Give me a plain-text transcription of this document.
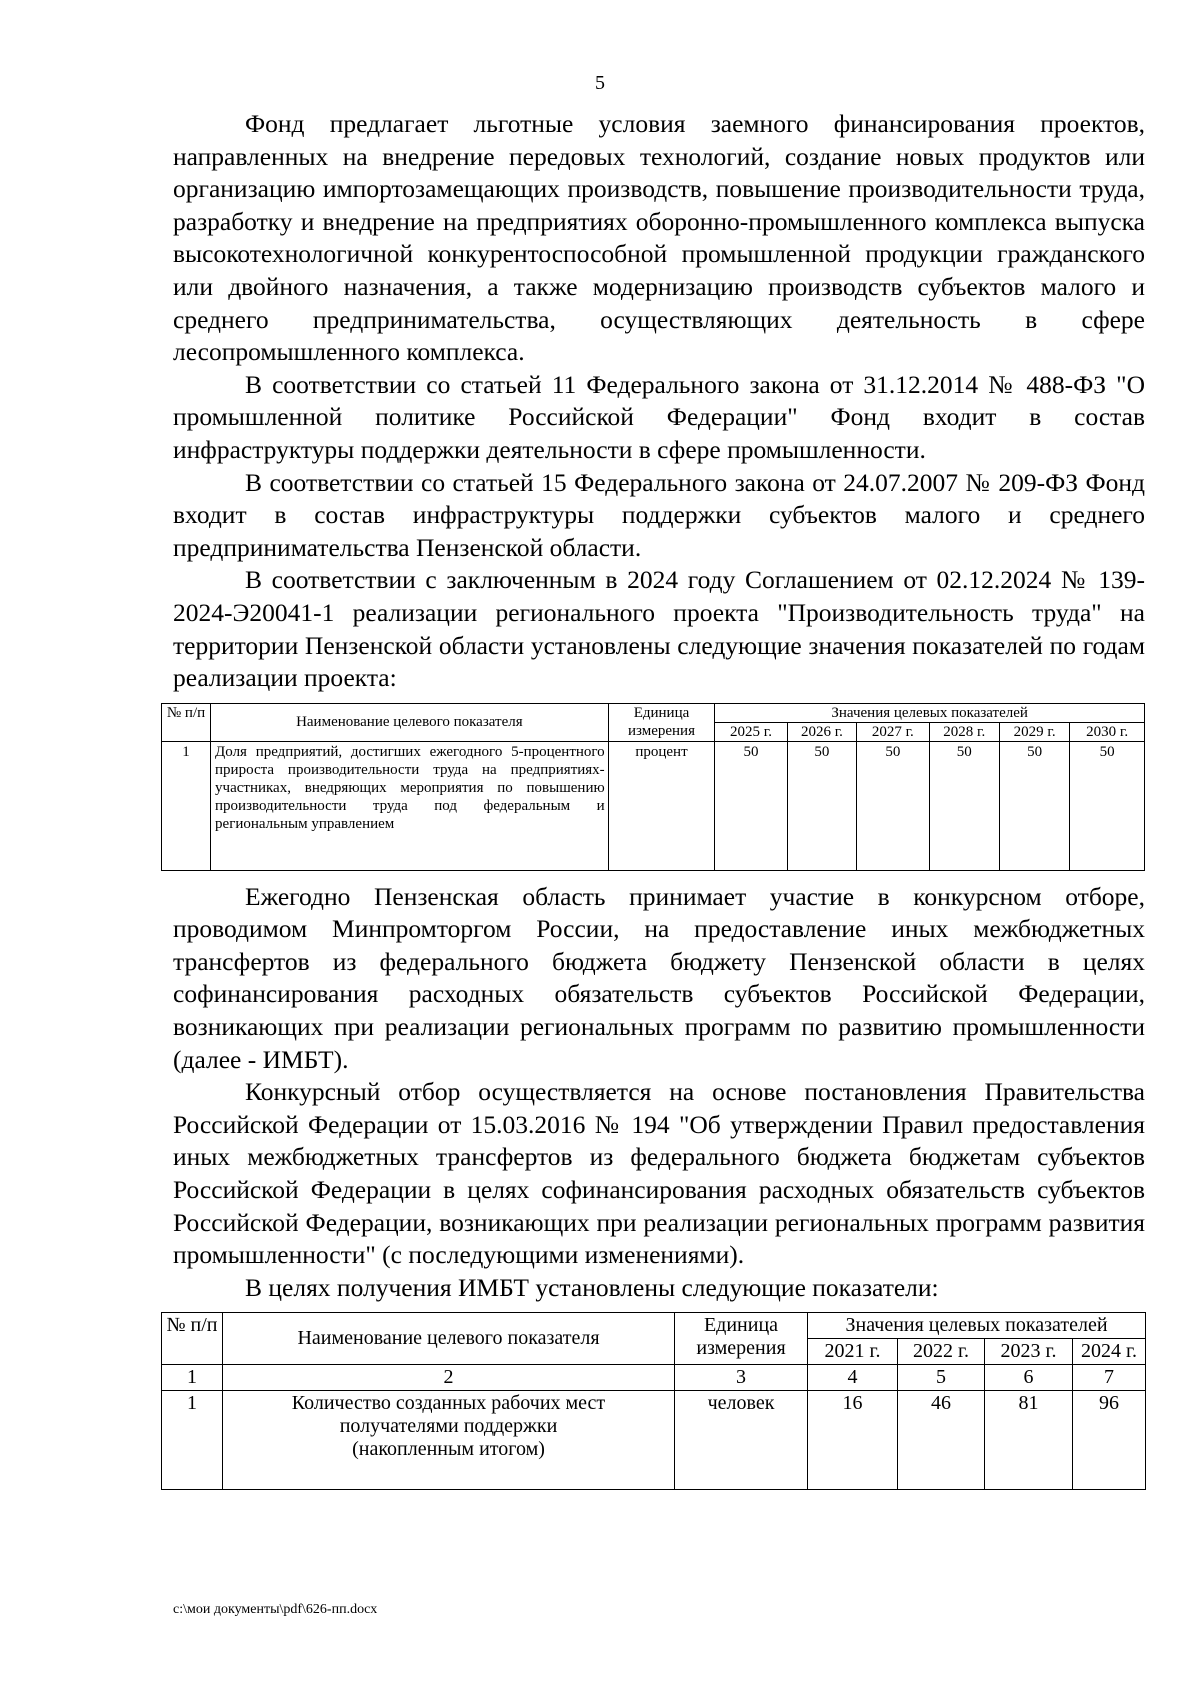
5

Фонд предлагает льготные условия заемного финансирования проектов, направленных на внедрение передовых технологий, создание новых продуктов или организацию импортозамещающих производств, повышение производительности труда, разработку и внедрение на предприятиях оборонно-промышленного комплекса выпуска высокотехнологичной конкурентоспособной промышленной продукции гражданского или двойного назначения, а также модернизацию производств субъектов малого и среднего предпринимательства, осуществляющих деятельность в сфере лесопромышленного комплекса.

В соответствии со статьей 11 Федерального закона от 31.12.2014 № 488-ФЗ "О промышленной политике Российской Федерации" Фонд входит в состав инфраструктуры поддержки деятельности в сфере промышленности.

В соответствии со статьей 15 Федерального закона от 24.07.2007 № 209-ФЗ Фонд входит в состав инфраструктуры поддержки субъектов малого и среднего предпринимательства Пензенской области.

В соответствии с заключенным в 2024 году Соглашением от 02.12.2024 № 139-2024-Э20041-1 реализации регионального проекта "Производительность труда" на территории Пензенской области установлены следующие значения показателей по годам реализации проекта:

№ п/п	Наименование целевого показателя	Единица измерения	Значения целевых показателей					
			2025 г.	2026 г.	2027 г.	2028 г.	2029 г.	2030 г.
1	Доля предприятий, достигших ежегодного 5-процентного прироста производительности труда на предприятиях-участниках, внедряющих мероприятия по повышению производительности труда под федеральным и региональным управлением	процент	50	50	50	50	50	50

Ежегодно Пензенская область принимает участие в конкурсном отборе, проводимом Минпромторгом России, на предоставление иных межбюджетных трансфертов из федерального бюджета бюджету Пензенской области в целях софинансирования расходных обязательств субъектов Российской Федерации, возникающих при реализации региональных программ по развитию промышленности (далее - ИМБТ).

Конкурсный отбор осуществляется на основе постановления Правительства Российской Федерации от 15.03.2016 № 194 "Об утверждении Правил предоставления иных межбюджетных трансфертов из федерального бюджета бюджетам субъектов Российской Федерации в целях софинансирования расходных обязательств субъектов Российской Федерации, возникающих при реализации региональных программ развития промышленности" (с последующими изменениями).

В целях получения ИМБТ установлены следующие показатели:

№ п/п	Наименование целевого показателя	Единица измерения	Значения целевых показателей			
			2021 г.	2022 г.	2023 г.	2024 г.
1	2	3	4	5	6	7
1	Количество созданных рабочих мест
получателями поддержки
(накопленным итогом)	человек	16	46	81	96
c:\мои документы\pdf\626-пп.docx
